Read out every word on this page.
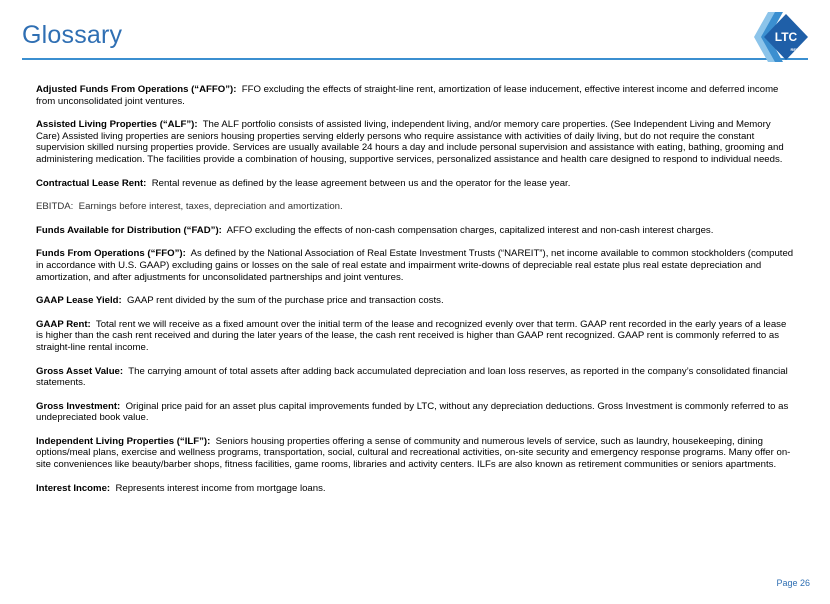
Glossary	LTC
REIT

Adjusted Funds From Operations (“AFFO”): FFO excluding the effects of straight-line rent, amortization of lease inducement, effective interest income and deferred income from unconsolidated joint ventures.

Assisted Living Properties (“ALF”): The ALF portfolio consists of assisted living, independent living, and/or memory care properties. (See Independent Living and Memory Care) Assisted living properties are seniors housing properties serving elderly persons who require assistance with activities of daily living, but do not require the constant supervision skilled nursing properties provide. Services are usually available 24 hours a day and include personal supervision and assistance with eating, bathing, grooming and administering medication. The facilities provide a combination of housing, supportive services, personalized assistance and health care designed to respond to individual needs.

Contractual Lease Rent: Rental revenue as defined by the lease agreement between us and the operator for the lease year.

EBITDA: Earnings before interest, taxes, depreciation and amortization.

Funds Available for Distribution (“FAD”): AFFO excluding the effects of non-cash compensation charges, capitalized interest and non-cash interest charges.

Funds From Operations (“FFO”): As defined by the National Association of Real Estate Investment Trusts (“NAREIT”), net income available to common stockholders (computed in accordance with U.S. GAAP) excluding gains or losses on the sale of real estate and impairment write-downs of depreciable real estate plus real estate depreciation and amortization, and after adjustments for unconsolidated partnerships and joint ventures.

GAAP Lease Yield: GAAP rent divided by the sum of the purchase price and transaction costs.

GAAP Rent: Total rent we will receive as a fixed amount over the initial term of the lease and recognized evenly over that term. GAAP rent recorded in the early years of a lease is higher than the cash rent received and during the later years of the lease, the cash rent received is higher than GAAP rent recognized. GAAP rent is commonly referred to as straight-line rental income.

Gross Asset Value: The carrying amount of total assets after adding back accumulated depreciation and loan loss reserves, as reported in the company’s consolidated financial statements.

Gross Investment: Original price paid for an asset plus capital improvements funded by LTC, without any depreciation deductions. Gross Investment is commonly referred to as undepreciated book value.

Independent Living Properties (“ILF”): Seniors housing properties offering a sense of community and numerous levels of service, such as laundry, housekeeping, dining options/meal plans, exercise and wellness programs, transportation, social, cultural and recreational activities, on-site security and emergency response programs. Many offer on-site conveniences like beauty/barber shops, fitness facilities, game rooms, libraries and activity centers. ILFs are also known as retirement communities or seniors apartments.

Interest Income: Represents interest income from mortgage loans.

Page 26
